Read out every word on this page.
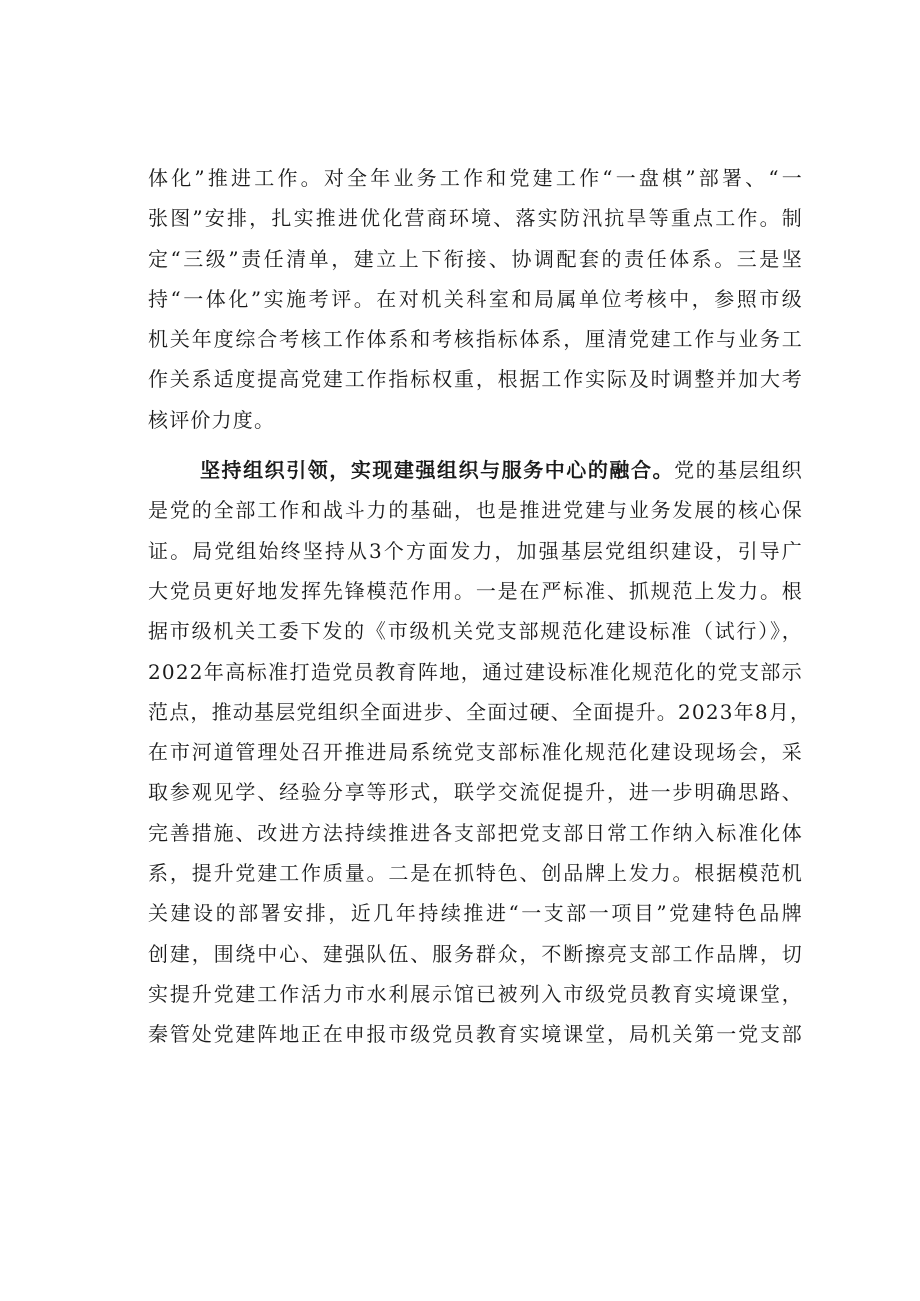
体化”推进工作。对全年业务工作和党建工作“一盘棋”部署、“一
张图”安排，扎实推进优化营商环境、落实防汛抗旱等重点工作。制
定“三级”责任清单，建立上下衔接、协调配套的责任体系。三是坚
持“一体化”实施考评。在对机关科室和局属单位考核中，参照市级
机关年度综合考核工作体系和考核指标体系，厘清党建工作与业务工
作关系适度提高党建工作指标权重，根据工作实际及时调整并加大考
核评价力度。
坚持组织引领，实现建强组织与服务中心的融合。党的基层组织
是党的全部工作和战斗力的基础，也是推进党建与业务发展的核心保
证。局党组始终坚持从3个方面发力，加强基层党组织建设，引导广
大党员更好地发挥先锋模范作用。一是在严标准、抓规范上发力。根
据市级机关工委下发的《市级机关党支部规范化建设标准（试行）》，
2022年高标准打造党员教育阵地，通过建设标准化规范化的党支部示
范点，推动基层党组织全面进步、全面过硬、全面提升。2023年8月，
在市河道管理处召开推进局系统党支部标准化规范化建设现场会，采
取参观见学、经验分享等形式，联学交流促提升，进一步明确思路、
完善措施、改进方法持续推进各支部把党支部日常工作纳入标准化体
系，提升党建工作质量。二是在抓特色、创品牌上发力。根据模范机
关建设的部署安排，近几年持续推进“一支部一项目”党建特色品牌
创建，围绕中心、建强队伍、服务群众，不断擦亮支部工作品牌，切
实提升党建工作活力市水利展示馆已被列入市级党员教育实境课堂，
秦管处党建阵地正在申报市级党员教育实境课堂，局机关第一党支部
